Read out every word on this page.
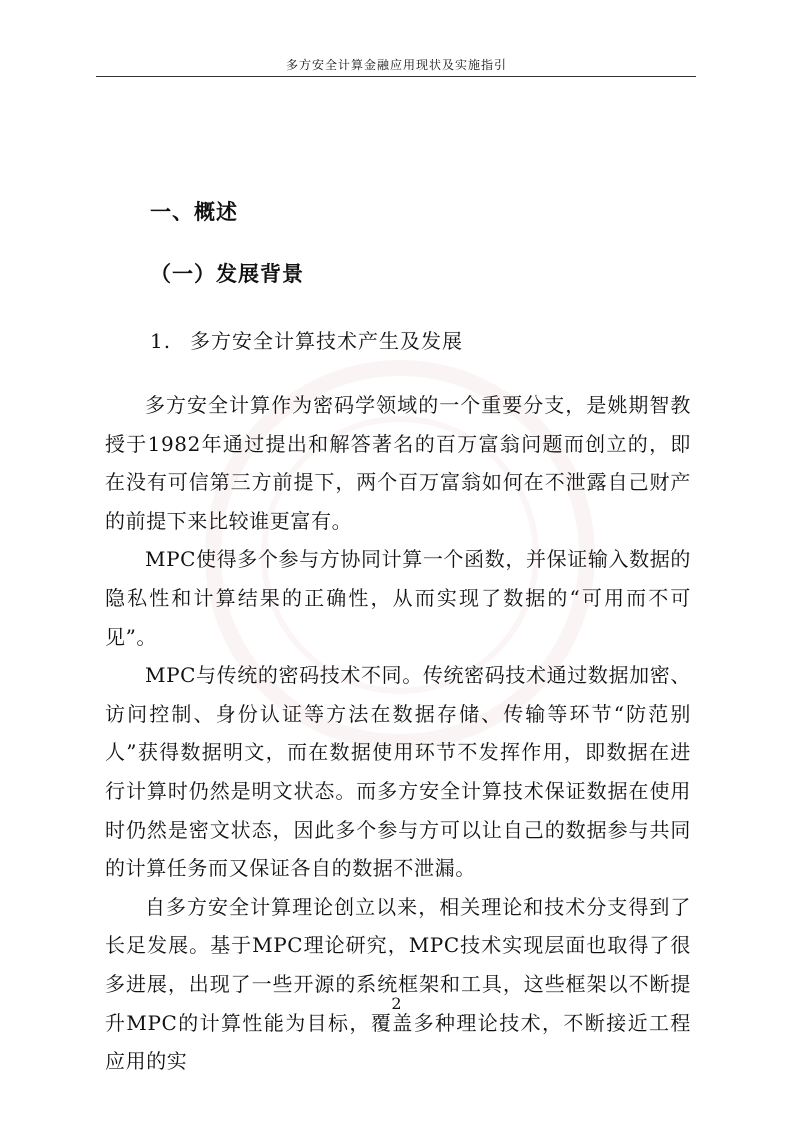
多方安全计算金融应用现状及实施指引
一、概述
（一）发展背景
1. 多方安全计算技术产生及发展

多方安全计算作为密码学领域的一个重要分支，是姚期智教授于1982年通过提出和解答著名的百万富翁问题而创立的，即在没有可信第三方前提下，两个百万富翁如何在不泄露自己财产的前提下来比较谁更富有。

MPC使得多个参与方协同计算一个函数，并保证输入数据的隐私性和计算结果的正确性，从而实现了数据的“可用而不可见”。

MPC与传统的密码技术不同。传统密码技术通过数据加密、访问控制、身份认证等方法在数据存储、传输等环节“防范别人”获得数据明文，而在数据使用环节不发挥作用，即数据在进行计算时仍然是明文状态。而多方安全计算技术保证数据在使用时仍然是密文状态，因此多个参与方可以让自己的数据参与共同的计算任务而又保证各自的数据不泄漏。

自多方安全计算理论创立以来，相关理论和技术分支得到了长足发展。基于MPC理论研究，MPC技术实现层面也取得了很多进展，出现了一些开源的系统框架和工具，这些框架以不断提升MPC的计算性能为目标，覆盖多种理论技术，不断接近工程应用的实

2
